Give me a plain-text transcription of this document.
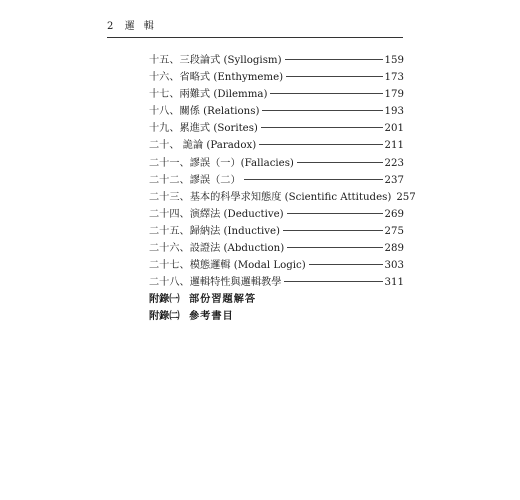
2 邏 輯
十五、三段論式 (Syllogism)	159
十六、省略式 (Enthymeme)	173
十七、兩難式 (Dilemma)	179
十八、關係 (Relations)	193
十九、累進式 (Sorites)	201
二十、 詭論 (Paradox)	211
二十一、謬誤（一）(Fallacies)	223
二十二、謬誤（二）	237
二十三、基本的科學求知態度 (Scientific Attitudes) 257
二十四、演繹法 (Deductive)	269
二十五、歸納法 (Inductive)	275
二十六、設證法 (Abduction)	289
二十七、模態邏輯 (Modal Logic)	303
二十八、邏輯特性與邏輯教學	311
附錄㈠ 部份習題解答
附錄㈡ 參考書目
